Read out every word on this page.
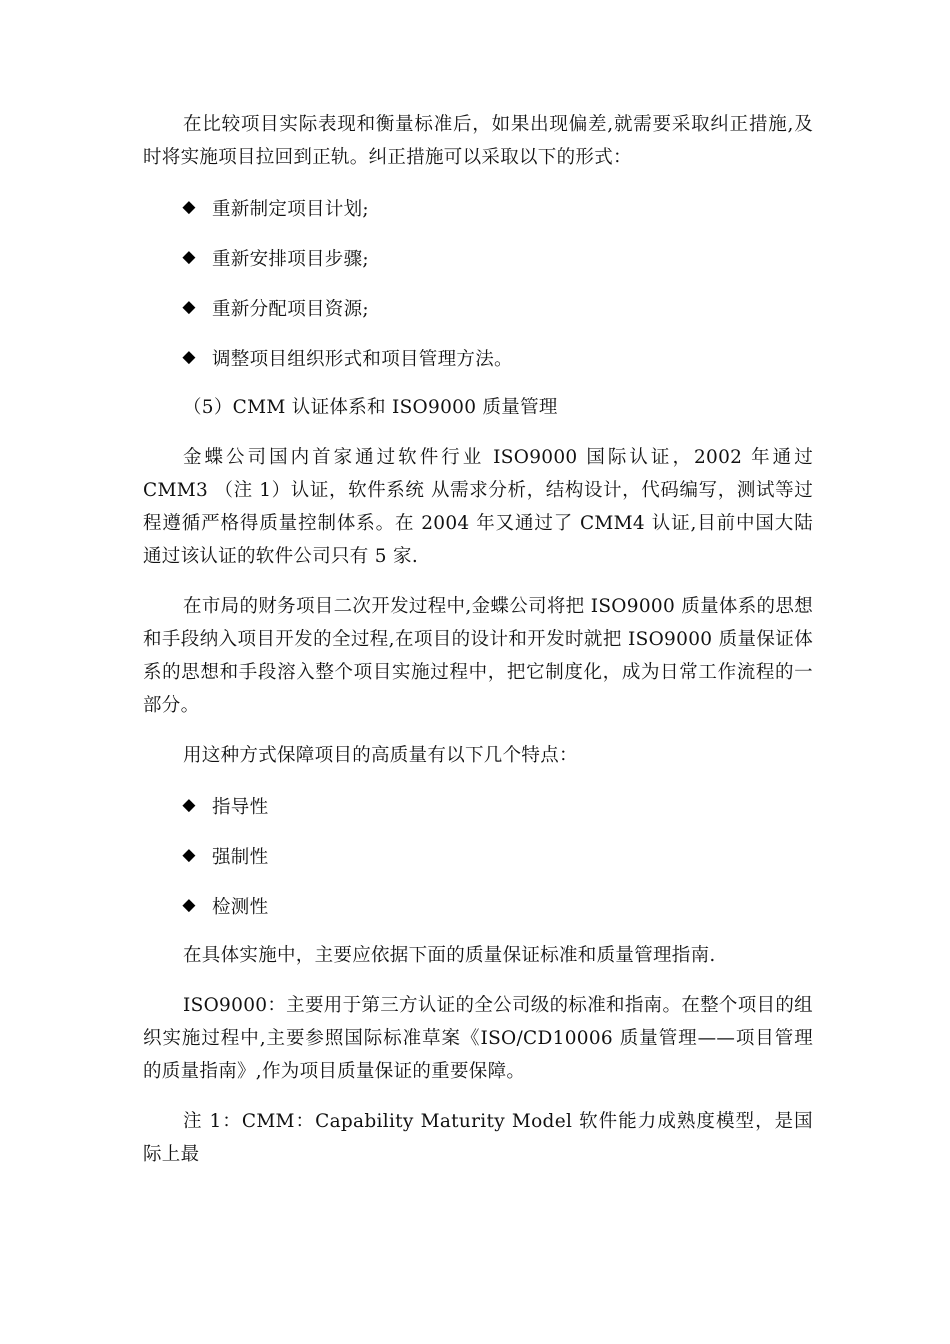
在比较项目实际表现和衡量标准后，如果出现偏差,就需要采取纠正措施,及时将实施项目拉回到正轨。纠正措施可以采取以下的形式：

◆ 重新制定项目计划;
◆ 重新安排项目步骤;
◆ 重新分配项目资源;
◆ 调整项目组织形式和项目管理方法。

（5）CMM 认证体系和 ISO9000 质量管理

金蝶公司国内首家通过软件行业 ISO9000 国际认证，2002 年通过 CMM3 （注 1）认证，软件系统 从需求分析，结构设计，代码编写，测试等过程遵循严格得质量控制体系。在 2004 年又通过了 CMM4 认证,目前中国大陆通过该认证的软件公司只有 5 家.

在市局的财务项目二次开发过程中,金蝶公司将把 ISO9000 质量体系的思想和手段纳入项目开发的全过程,在项目的设计和开发时就把 ISO9000 质量保证体系的思想和手段溶入整个项目实施过程中，把它制度化，成为日常工作流程的一部分。

用这种方式保障项目的高质量有以下几个特点：

◆ 指导性
◆ 强制性
◆ 检测性

在具体实施中，主要应依据下面的质量保证标准和质量管理指南.

ISO9000：主要用于第三方认证的全公司级的标准和指南。在整个项目的组织实施过程中,主要参照国际标准草案《ISO/CD10006 质量管理——项目管理的质量指南》,作为项目质量保证的重要保障。

注 1：CMM：Capability Maturity Model 软件能力成熟度模型，是国际上最
